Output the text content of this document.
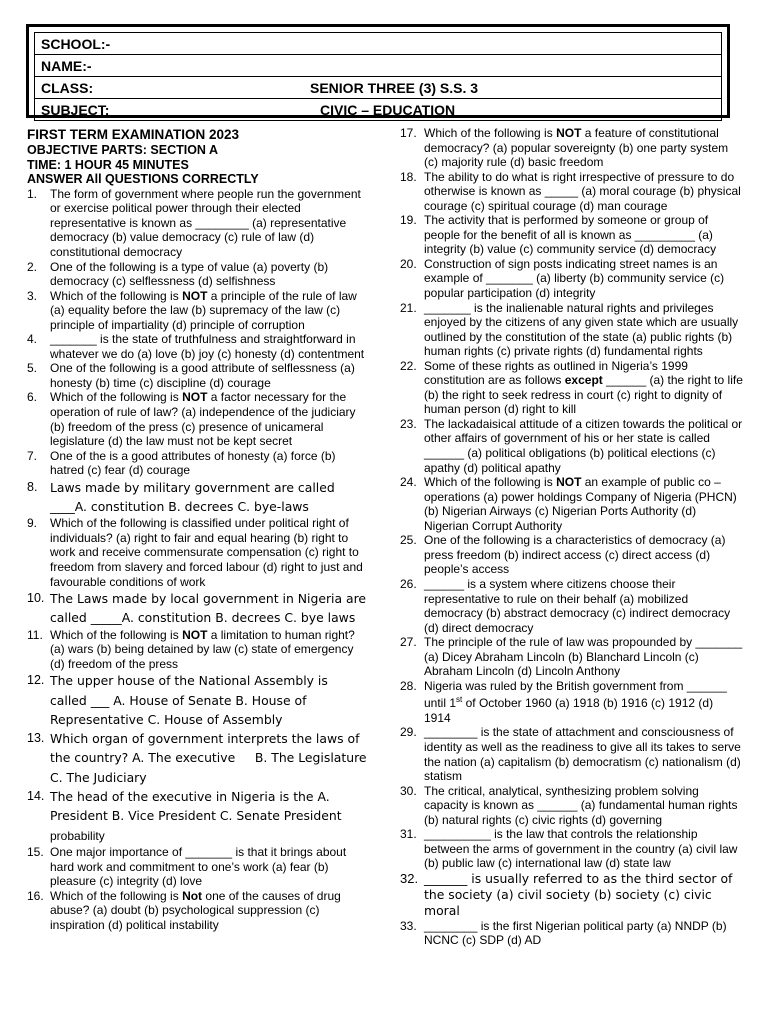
SCHOOL:-
NAME:-
CLASS:	SENIOR THREE (3) S.S. 3

SUBJECT:	CIVIC – EDUCATION
FIRST TERM EXAMINATION 2023
OBJECTIVE PARTS: SECTION A
TIME: 1 HOUR 45 MINUTES
ANSWER All QUESTIONS CORRECTLY
1.	The form of government where people run the government or exercise political power through their elected representative is known as ________ (a) representative democracy (b) value democracy (c) rule of law (d) constitutional democracy
2.	One of the following is a type of value (a) poverty (b) democracy (c) selflessness (d) selfishness
3.	Which of the following is NOT a principle of the rule of law (a) equality before the law (b) supremacy of the law (c) principle of impartiality (d) principle of corruption
4.	_______ is the state of truthfulness and straightforward in whatever we do (a) love (b) joy (c) honesty (d) contentment
5.	One of the following is a good attribute of selflessness (a) honesty (b) time (c) discipline (d) courage
6.	Which of the following is NOT a factor necessary for the operation of rule of law? (a) independence of the judiciary (b) freedom of the press (c) presence of unicameral legislature (d) the law must not be kept secret
7.	One of the is a good attributes of honesty (a) force (b) hatred (c) fear (d) courage
8.	Laws made by military government are called ____A. constitution B. decrees C. bye-laws
9.	Which of the following is classified under political right of individuals? (a) right to fair and equal hearing (b) right to work and receive commensurate compensation (c) right to freedom from slavery and forced labour (d) right to just and favourable conditions of work
10. The Laws made by local government in Nigeria are called _____A. constitution B. decrees C. bye laws
11. Which of the following is NOT a limitation to human right? (a) wars (b) being detained by law (c) state of emergency (d) freedom of the press
12. The upper house of the National Assembly is called ___ A. House of Senate B. House of Representative C. House of Assembly
13. Which organ of government interprets the laws of the country? A. The executive     B. The Legislature C. The Judiciary
14. The head of the executive in Nigeria is the A. President B. Vice President C. Senate President probability
15. One major importance of _______ is that it brings about hard work and commitment to one’s work (a) fear (b) pleasure (c) integrity (d) love
16. Which of the following is Not one of the causes of drug abuse? (a) doubt (b) psychological suppression (c) inspiration (d) political instability
17. Which of the following is NOT a feature of constitutional democracy? (a) popular sovereignty (b) one party system (c) majority rule (d) basic freedom
18. The ability to do what is right irrespective of pressure to do otherwise is known as _____ (a) moral courage (b) physical courage (c) spiritual courage (d) man courage
19. The activity that is performed by someone or group of people for the benefit of all is known as _________ (a) integrity (b) value (c) community service (d) democracy
20. Construction of sign posts indicating street names is an example of _______ (a) liberty (b) community service (c) popular participation (d) integrity
21. _______ is the inalienable natural rights and privileges enjoyed by the citizens of any given state which are usually outlined by the constitution of the state (a) public rights (b) human rights (c) private rights (d) fundamental rights
22. Some of these rights as outlined in Nigeria’s 1999 constitution are as follows except ______ (a) the right to life (b) the right to seek redress in court (c) right to dignity of human person (d) right to kill
23. The lackadaisical attitude of a citizen towards the political or other affairs of government of his or her state is called ______ (a) political obligations (b) political elections (c) apathy (d) political apathy
24. Which of the following is NOT an example of public co – operations (a) power holdings Company of Nigeria (PHCN) (b) Nigerian Airways (c) Nigerian Ports Authority (d) Nigerian Corrupt Authority
25. One of the following is a characteristics of democracy (a) press freedom (b) indirect access (c) direct access (d) people’s access
26. ______ is a system where citizens choose their representative to rule on their behalf (a) mobilized democracy (b) abstract democracy (c) indirect democracy (d) direct democracy
27. The principle of the rule of law was propounded by _______ (a) Dicey Abraham Lincoln (b) Blanchard Lincoln (c) Abraham Lincoln (d) Lincoln Anthony
28. Nigeria was ruled by the British government from ______ until 1st of October 1960 (a) 1918 (b) 1916 (c) 1912 (d) 1914
29. ________ is the state of attachment and consciousness of identity as well as the readiness to give all its takes to serve the nation (a) capitalism (b) democratism (c) nationalism (d) statism
30. The critical, analytical, synthesizing problem solving capacity is known as ______ (a) fundamental human rights (b) natural rights (c) civic rights (d) governing
31. __________ is the law that controls the relationship between the arms of government in the country (a) civil law (b) public law (c) international law (d) state law
32. _______ is usually referred to as the third sector of the society (a) civil society (b) society (c) civic moral
33. ________ is the first Nigerian political party (a) NNDP (b) NCNC (c) SDP (d) AD
